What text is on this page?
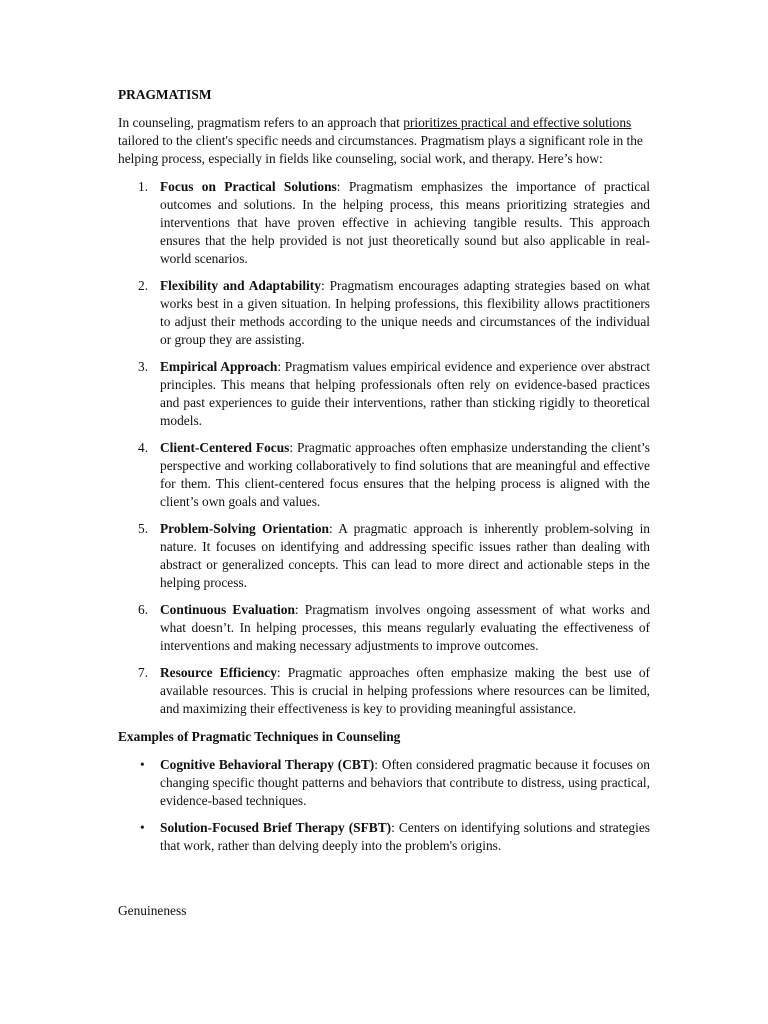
PRAGMATISM

In counseling, pragmatism refers to an approach that prioritizes practical and effective solutions tailored to the client's specific needs and circumstances. Pragmatism plays a significant role in the helping process, especially in fields like counseling, social work, and therapy. Here’s how:

1. Focus on Practical Solutions: Pragmatism emphasizes the importance of practical outcomes and solutions. In the helping process, this means prioritizing strategies and interventions that have proven effective in achieving tangible results. This approach ensures that the help provided is not just theoretically sound but also applicable in real-world scenarios.
2. Flexibility and Adaptability: Pragmatism encourages adapting strategies based on what works best in a given situation. In helping professions, this flexibility allows practitioners to adjust their methods according to the unique needs and circumstances of the individual or group they are assisting.
3. Empirical Approach: Pragmatism values empirical evidence and experience over abstract principles. This means that helping professionals often rely on evidence-based practices and past experiences to guide their interventions, rather than sticking rigidly to theoretical models.
4. Client-Centered Focus: Pragmatic approaches often emphasize understanding the client’s perspective and working collaboratively to find solutions that are meaningful and effective for them. This client-centered focus ensures that the helping process is aligned with the client’s own goals and values.
5. Problem-Solving Orientation: A pragmatic approach is inherently problem-solving in nature. It focuses on identifying and addressing specific issues rather than dealing with abstract or generalized concepts. This can lead to more direct and actionable steps in the helping process.
6. Continuous Evaluation: Pragmatism involves ongoing assessment of what works and what doesn’t. In helping processes, this means regularly evaluating the effectiveness of interventions and making necessary adjustments to improve outcomes.
7. Resource Efficiency: Pragmatic approaches often emphasize making the best use of available resources. This is crucial in helping professions where resources can be limited, and maximizing their effectiveness is key to providing meaningful assistance.
Examples of Pragmatic Techniques in Counseling
• Cognitive Behavioral Therapy (CBT): Often considered pragmatic because it focuses on changing specific thought patterns and behaviors that contribute to distress, using practical, evidence-based techniques.
• Solution-Focused Brief Therapy (SFBT): Centers on identifying solutions and strategies that work, rather than delving deeply into the problem's origins.
Genuineness
